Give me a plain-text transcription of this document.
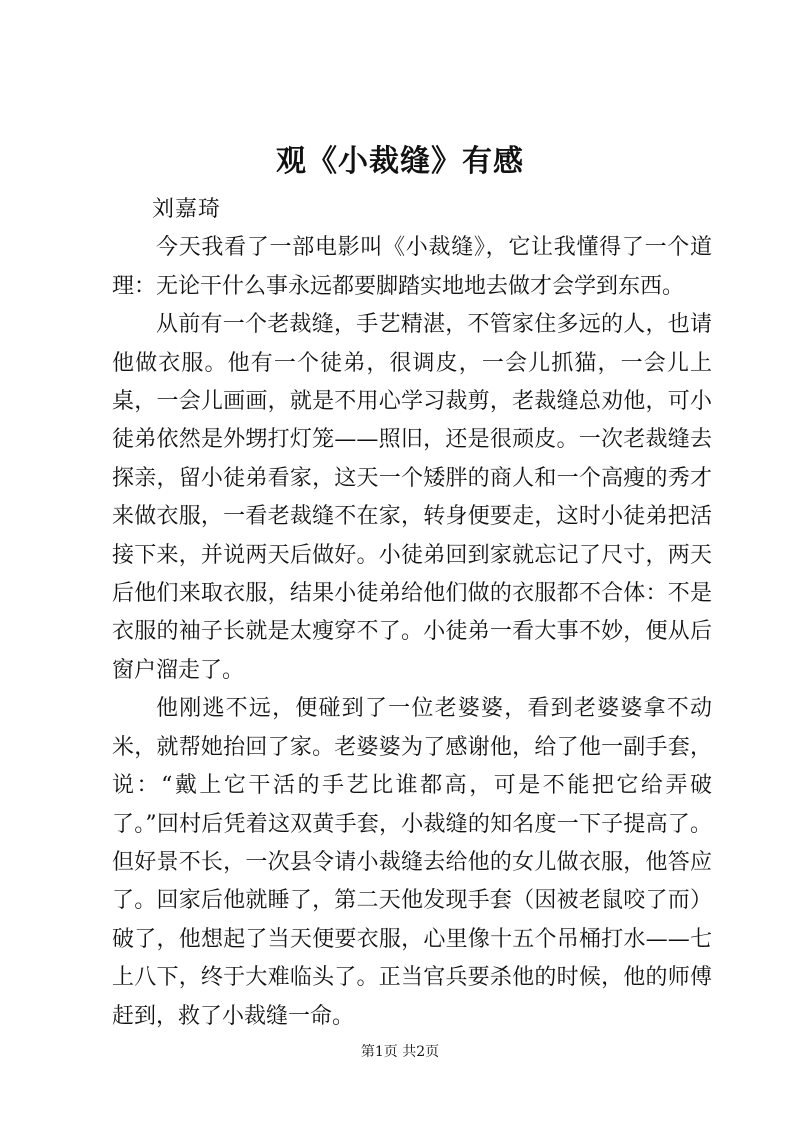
观《小裁缝》有感

刘嘉琦

今天我看了一部电影叫《小裁缝》，它让我懂得了一个道理：无论干什么事永远都要脚踏实地地去做才会学到东西。

从前有一个老裁缝，手艺精湛，不管家住多远的人，也请他做衣服。他有一个徒弟，很调皮，一会儿抓猫，一会儿上桌，一会儿画画，就是不用心学习裁剪，老裁缝总劝他，可小徒弟依然是外甥打灯笼——照旧，还是很顽皮。一次老裁缝去探亲，留小徒弟看家，这天一个矮胖的商人和一个高瘦的秀才来做衣服，一看老裁缝不在家，转身便要走，这时小徒弟把活接下来，并说两天后做好。小徒弟回到家就忘记了尺寸，两天后他们来取衣服，结果小徒弟给他们做的衣服都不合体：不是衣服的袖子长就是太瘦穿不了。小徒弟一看大事不妙，便从后窗户溜走了。

他刚逃不远，便碰到了一位老婆婆，看到老婆婆拿不动米，就帮她抬回了家。老婆婆为了感谢他，给了他一副手套，说：“戴上它干活的手艺比谁都高，可是不能把它给弄破了。”回村后凭着这双黄手套，小裁缝的知名度一下子提高了。但好景不长，一次县令请小裁缝去给他的女儿做衣服，他答应了。回家后他就睡了，第二天他发现手套（因被老鼠咬了而）破了，他想起了当天便要衣服，心里像十五个吊桶打水——七上八下，终于大难临头了。正当官兵要杀他的时候，他的师傅赶到，救了小裁缝一命。

第1页 共2页
